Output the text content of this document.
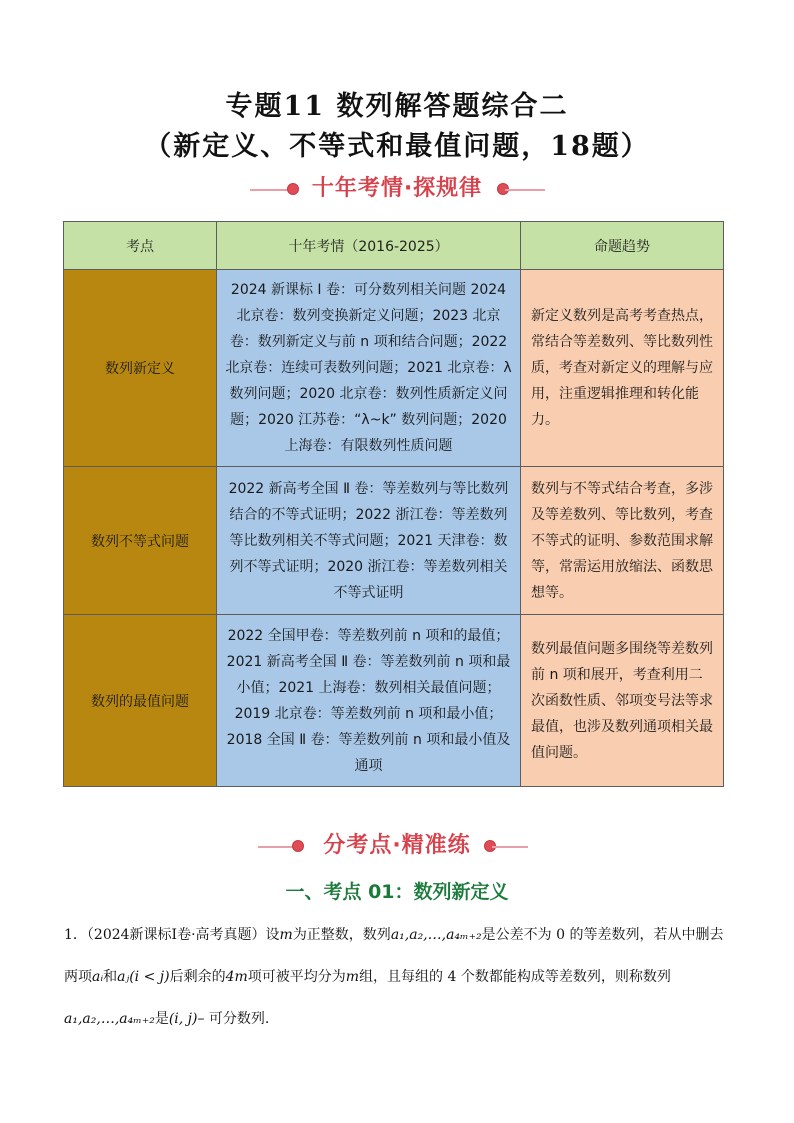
专题11 数列解答题综合二
（新定义、不等式和最值问题，18题）
十年考情·探规律
考点	十年考情（2016-2025）	命题趋势
数列新定义	2024 新课标 Ⅰ 卷：可分数列相关问题 2024 北京卷：数列变换新定义问题；2023 北京卷：数列新定义与前 n 项和结合问题；2022 北京卷：连续可表数列问题；2021 北京卷：λ数列问题；2020 北京卷：数列性质新定义问题；2020 江苏卷：“λ~k” 数列问题；2020 上海卷：有限数列性质问题	新定义数列是高考考查热点，常结合等差数列、等比数列性质，考查对新定义的理解与应用，注重逻辑推理和转化能力。
数列不等式问题	2022 新高考全国 Ⅱ 卷：等差数列与等比数列结合的不等式证明；2022 浙江卷：等差数列等比数列相关不等式问题；2021 天津卷：数列不等式证明；2020 浙江卷：等差数列相关不等式证明	数列与不等式结合考查，多涉及等差数列、等比数列，考查不等式的证明、参数范围求解等，常需运用放缩法、函数思想等。
数列的最值问题	2022 全国甲卷：等差数列前 n 项和的最值；2021 新高考全国 Ⅱ 卷：等差数列前 n 项和最小值；2021 上海卷：数列相关最值问题；2019 北京卷：等差数列前 n 项和最小值；2018 全国 Ⅱ 卷：等差数列前 n 项和最小值及通项	数列最值问题多围绕等差数列前 n 项和展开，考查利用二次函数性质、邻项变号法等求最值，也涉及数列通项相关最值问题。
分考点·精准练
一、考点 01：数列新定义
1．（2024新课标Ⅰ卷·高考真题）设m为正整数，数列a₁,a₂,…,a₄ₘ₊₂是公差不为 0 的等差数列，若从中删去
两项aᵢ和aⱼ(i < j)后剩余的4m项可被平均分为m组，且每组的 4 个数都能构成等差数列，则称数列
a₁,a₂,…,a₄ₘ₊₂是(i, j)– 可分数列.
